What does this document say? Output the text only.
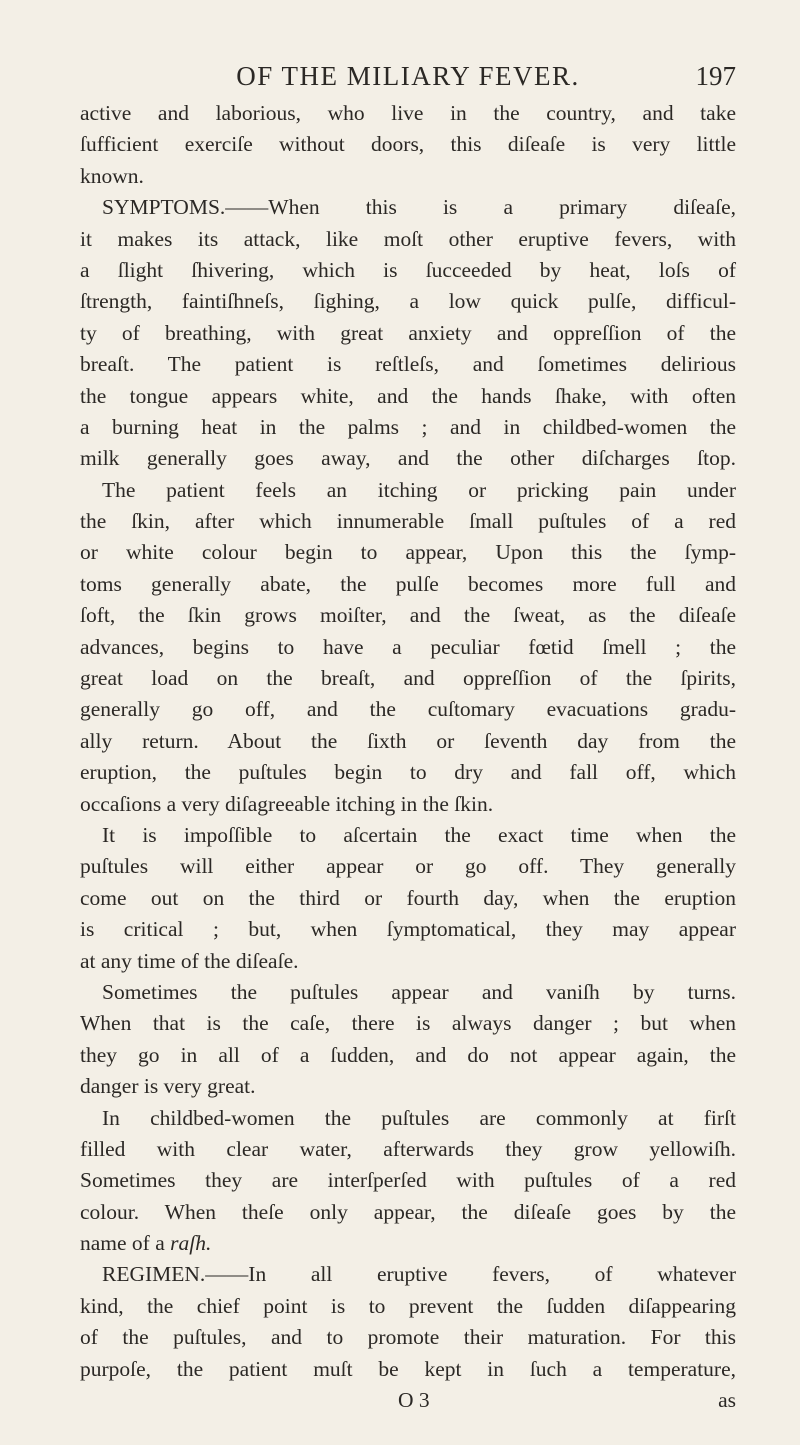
OF THE MILIARY FEVER.	197
active and laborious, who live in the country, and take
ſufficient exerciſe without doors, this diſeaſe is very little
known.
SYMPTOMS.——When this is a primary diſeaſe,
it makes its attack, like moſt other eruptive fevers, with
a ſlight ſhivering, which is ſucceeded by heat, loſs of
ſtrength, faintiſhneſs, ſighing, a low quick pulſe, difficul-
ty of breathing, with great anxiety and oppreſſion of the
breaſt. The patient is reſtleſs, and ſometimes delirious
the tongue appears white, and the hands ſhake, with often
a burning heat in the palms ; and in childbed-women the
milk generally goes away, and the other diſcharges ſtop.
The patient feels an itching or pricking pain under
the ſkin, after which innumerable ſmall puſtules of a red
or white colour begin to appear, Upon this the ſymp-
toms generally abate, the pulſe becomes more full and
ſoft, the ſkin grows moiſter, and the ſweat, as the diſeaſe
advances, begins to have a peculiar fœtid ſmell ; the
great load on the breaſt, and oppreſſion of the ſpirits,
generally go off, and the cuſtomary evacuations gradu-
ally return. About the ſixth or ſeventh day from the
eruption, the puſtules begin to dry and fall off, which
occaſions a very diſagreeable itching in the ſkin.
It is impoſſible to aſcertain the exact time when the
puſtules will either appear or go off. They generally
come out on the third or fourth day, when the eruption
is critical ; but, when ſymptomatical, they may appear
at any time of the diſeaſe.
Sometimes the puſtules appear and vaniſh by turns.
When that is the caſe, there is always danger ; but when
they go in all of a ſudden, and do not appear again, the
danger is very great.
In childbed-women the puſtules are commonly at firſt
filled with clear water, afterwards they grow yellowiſh.
Sometimes they are interſperſed with puſtules of a red
colour. When theſe only appear, the diſeaſe goes by the
name of a raſh.
REGIMEN.——In all eruptive fevers, of whatever
kind, the chief point is to prevent the ſudden diſappearing
of the puſtules, and to promote their maturation. For this
purpoſe, the patient muſt be kept in ſuch a temperature,
O 3	as
